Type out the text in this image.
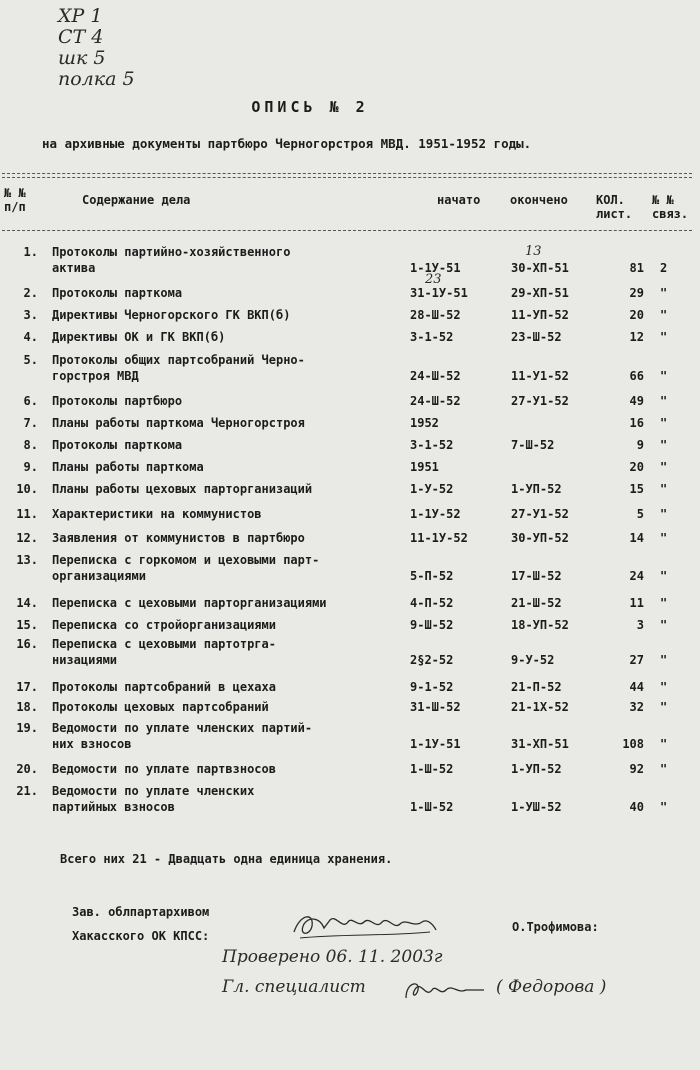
ХР 1
СТ 4
шк 5
полка 5
ОПИСЬ № 2
на архивные документы партбюро Черногорстроя МВД. 1951-1952 годы.
№ №
п/п	Содержание дела	начато окончено КОЛ.
лист.
№ №
связ.
1. Протоколы партийно-хозяйственного
актива	1-1У-51	30-ХП-51	81 2
13
2. Протоколы парткома	31-1У-51	29-ХП-51	29 "
23
3. Директивы Черногорского ГК ВКП(б)	28-Ш-52	11-УП-52	20 "
4. Директивы ОК и ГК ВКП(б)	3-1-52	23-Ш-52	12 "
5. Протоколы общих партсобраний Черно-
горстроя МВД	24-Ш-52	11-У1-52	66 "
6. Протоколы партбюро	24-Ш-52	27-У1-52	49 "
7. Планы работы парткома Черногорстроя	1952	16 "
8. Протоколы парткома	3-1-52	7-Ш-52	9 "
9. Планы работы парткома	1951	20 "
10. Планы работы цеховых парторганизаций	1-У-52	1-УП-52	15 "
11. Характеристики на коммунистов	1-1У-52	27-У1-52	5 "
12. Заявления от коммунистов в партбюро	11-1У-52	30-УП-52	14 "
13. Переписка с горкомом и цеховыми парт-
организациями	5-П-52	17-Ш-52	24 "
14. Переписка с цеховыми парторганизациями	4-П-52	21-Ш-52	11 "
15. Переписка со стройорганизациями	9-Ш-52	18-УП-52	3 "
16. Переписка с цеховыми партотрга-
низациями	2§2-52	9-У-52	27 "
17. Протоколы партсобраний в цехаха	9-1-52	21-П-52	44 "
18. Протоколы цеховых партсобраний	31-Ш-52	21-1Х-52	32 "
19. Ведомости по уплате членских партий-
них взносов	1-1У-51	31-ХП-51	108 "
20. Ведомости по уплате партвзносов	1-Ш-52	1-УП-52	92 "
21. Ведомости по уплате членских
партийных взносов	1-Ш-52	1-УШ-52	40 "
Всего них 21 - Двадцать одна единица хранения.
Зав. облпартархивом
Хакасского ОК КПСС:
О.Трофимова:
Проверено 06. 11. 2003г
Гл. специалист	( Федорова )
